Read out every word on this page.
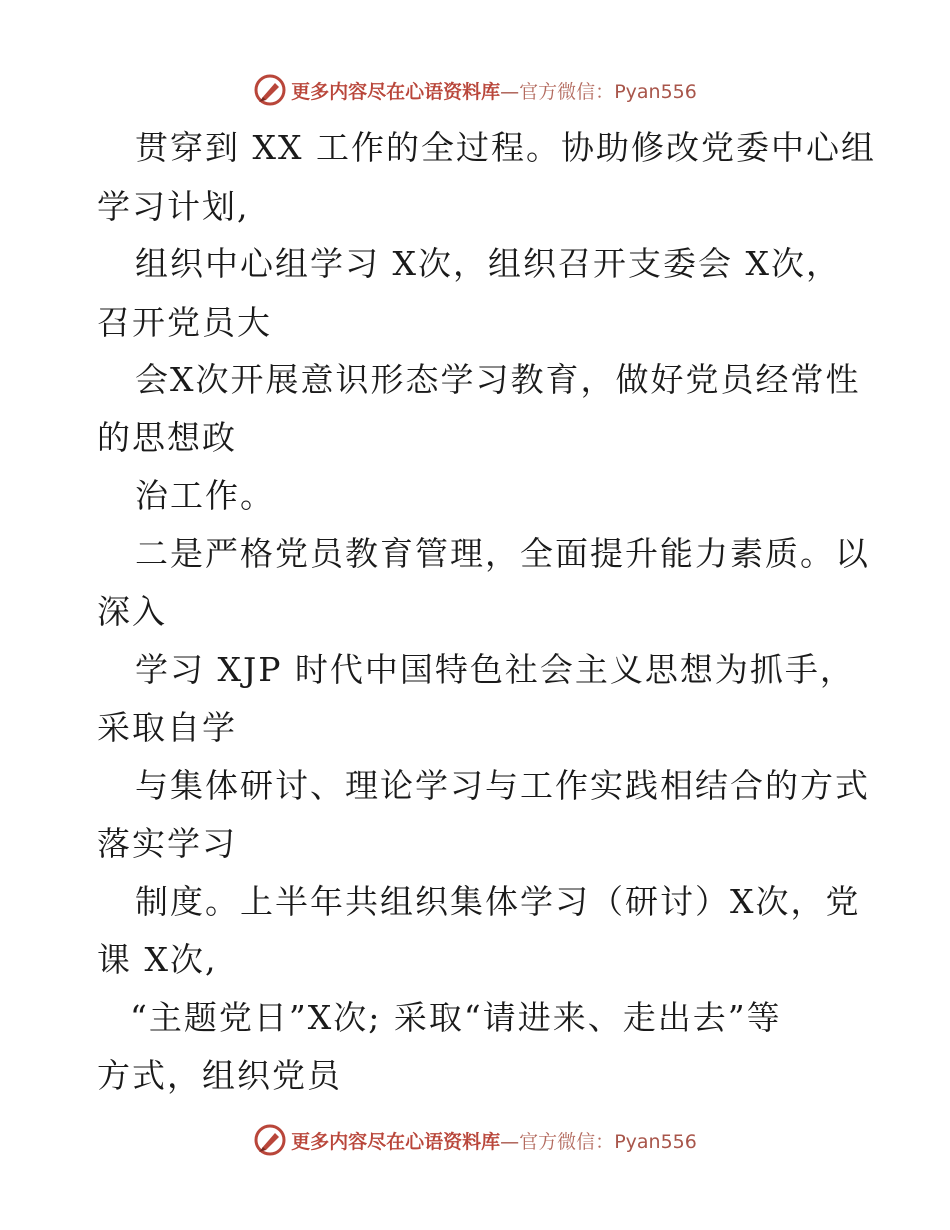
更多内容尽在心语资料库—官方微信：Pyan556
贯穿到 XX 工作的全过程。协助修改党委中心组
学习计划,
组织中心组学习 X次，组织召开支委会 X次，
召开党员大
会X次开展意识形态学习教育，做好党员经常性
的思想政
治工作。
二是严格党员教育管理，全面提升能力素质。以
深入
学习 XJP 时代中国特色社会主义思想为抓手，
采取自学
与集体研讨、理论学习与工作实践相结合的方式
落实学习
制度。上半年共组织集体学习（研讨）X次，党
课 X次,
“主题党日”X次; 采取“请进来、走出去”等
方式，组织党员
更多内容尽在心语资料库—官方微信：Pyan556
